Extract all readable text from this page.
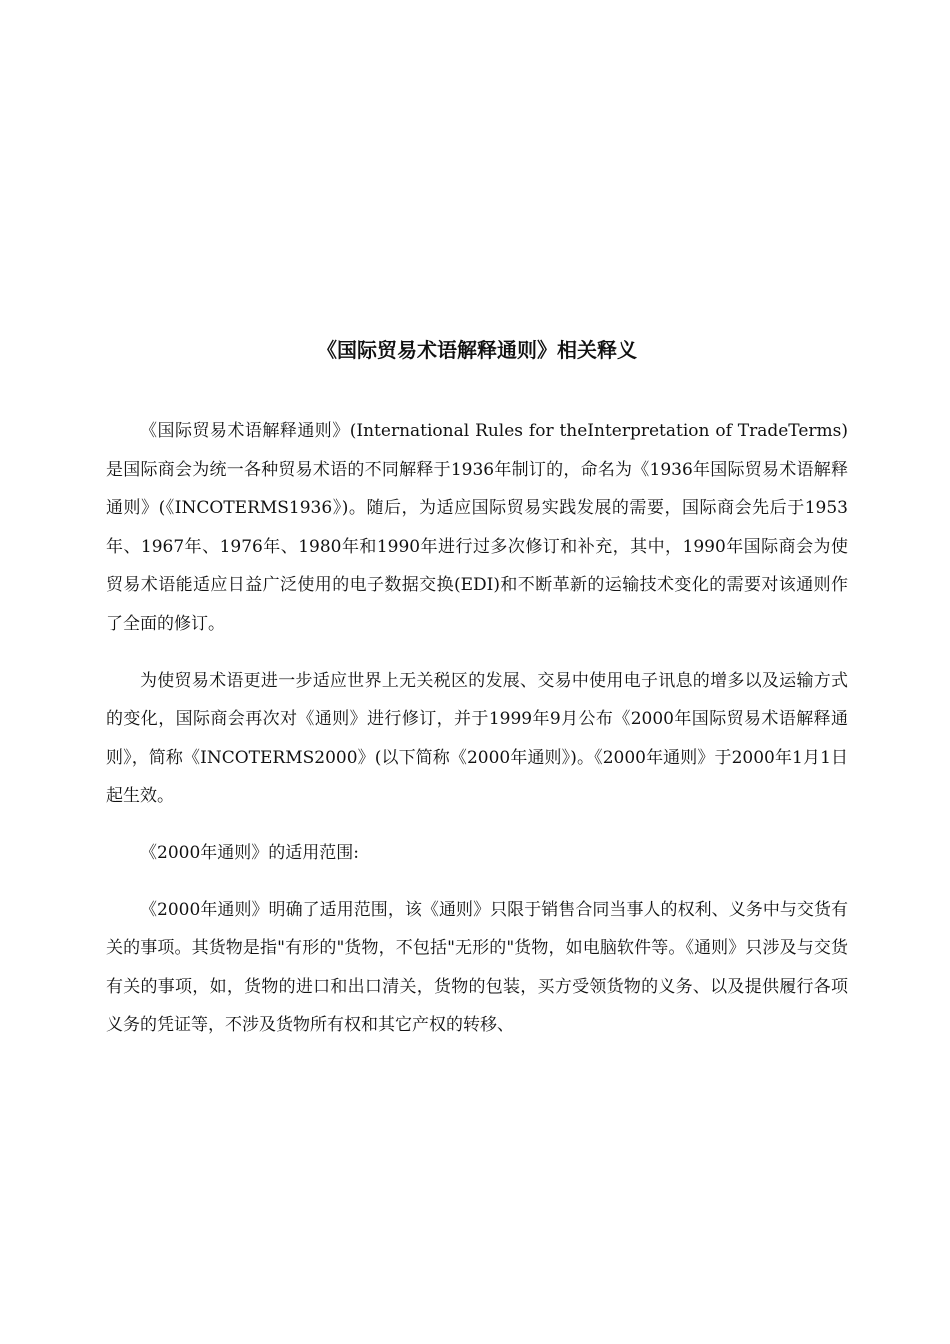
《国际贸易术语解释通则》相关释义

《国际贸易术语解释通则》(International Rules for theInterpretation of TradeTerms)是国际商会为统一各种贸易术语的不同解释于1936年制订的，命名为《1936年国际贸易术语解释通则》(《INCOTERMS1936》)。随后，为适应国际贸易实践发展的需要，国际商会先后于1953年、1967年、1976年、1980年和1990年进行过多次修订和补充，其中，1990年国际商会为使贸易术语能适应日益广泛使用的电子数据交换(EDI)和不断革新的运输技术变化的需要对该通则作了全面的修订。

为使贸易术语更进一步适应世界上无关税区的发展、交易中使用电子讯息的增多以及运输方式的变化，国际商会再次对《通则》进行修订，并于1999年9月公布《2000年国际贸易术语解释通则》，简称《INCOTERMS2000》(以下简称《2000年通则》)。《2000年通则》于2000年1月1日起生效。

《2000年通则》的适用范围:

《2000年通则》明确了适用范围，该《通则》只限于销售合同当事人的权利、义务中与交货有关的事项。其货物是指"有形的"货物，不包括"无形的"货物，如电脑软件等。《通则》只涉及与交货有关的事项，如，货物的进口和出口清关，货物的包装，买方受领货物的义务、以及提供履行各项义务的凭证等，不涉及货物所有权和其它产权的转移、
